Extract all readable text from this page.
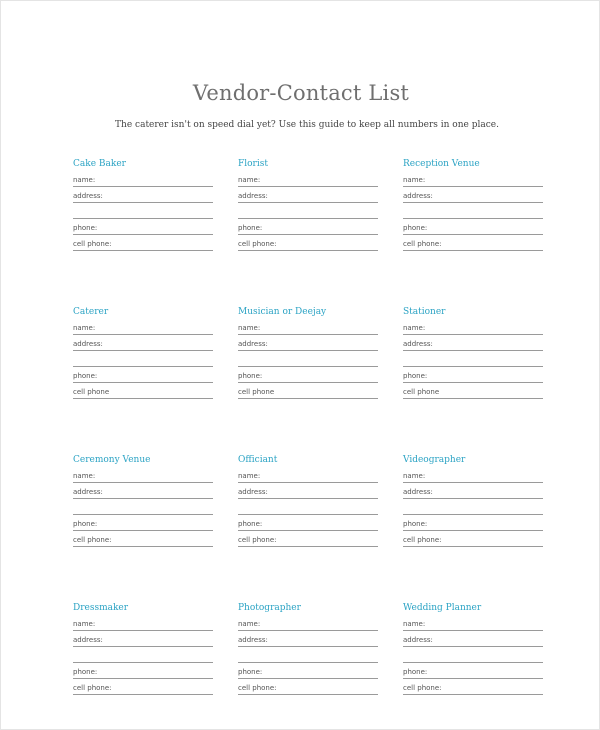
Vendor-Contact List
The caterer isn't on speed dial yet? Use this guide to keep all numbers in one place.
Cake Baker
name:
address:
phone:
cell phone:
Florist
name:
address:
phone:
cell phone:
Reception Venue
name:
address:
phone:
cell phone:
Caterer
name:
address:
phone:
cell phone
Musician or Deejay
name:
address:
phone:
cell phone
Stationer
name:
address:
phone:
cell phone
Ceremony Venue
name:
address:
phone:
cell phone:
Officiant
name:
address:
phone:
cell phone:
Videographer
name:
address:
phone:
cell phone:
Dressmaker
name:
address:
phone:
cell phone:
Photographer
name:
address:
phone:
cell phone:
Wedding Planner
name:
address:
phone:
cell phone:
